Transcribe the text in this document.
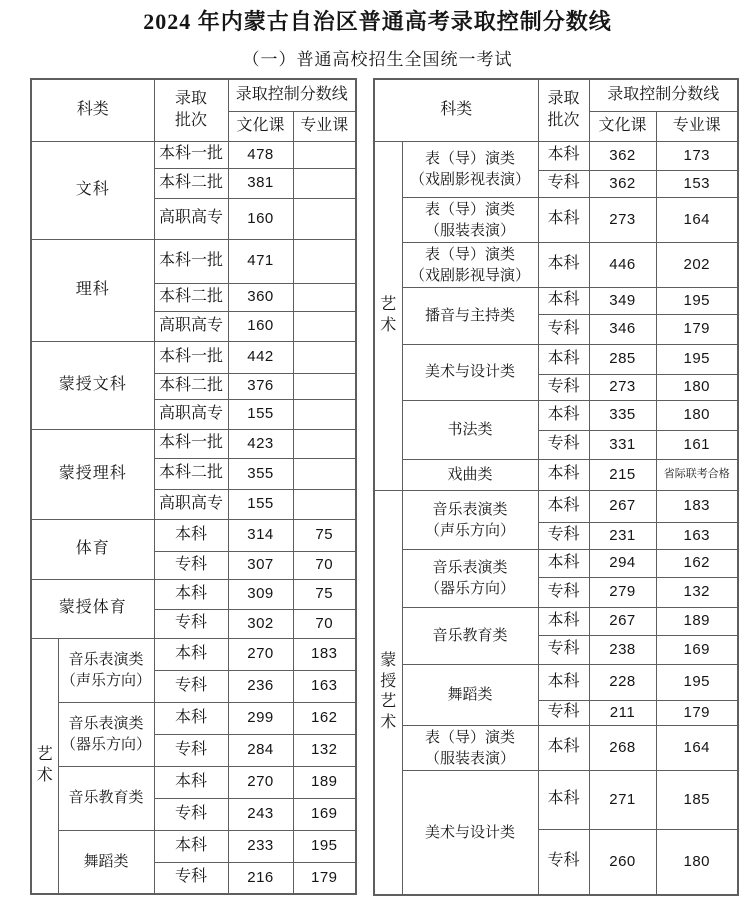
2024 年内蒙古自治区普通高考录取控制分数线
（一）普通高校招生全国统一考试
科类		录取
批次	录取控制分数线	
			文化课	专业课
文科		本科一批	478	
		本科二批	381	
		高职高专	160	
理科		本科一批	471	
		本科二批	360	
		高职高专	160	
蒙授文科		本科一批	442	
		本科二批	376	
		高职高专	155	
蒙授理科		本科一批	423	
		本科二批	355	
		高职高专	155	
体育		本科	314	75
		专科	307	70
蒙授体育		本科	309	75
		专科	302	70
艺术	音乐表演类
（声乐方向）	本科	270	183
		专科	236	163

	音乐表演类
（器乐方向）	本科	299	162
		专科	284	132
	音乐教育类	本科	270	189
		专科	243	169
	舞蹈类	本科	233	195
		专科	216	179
科类		录取
批次	录取控制分数线	
			文化课	专业课
艺术	表（导）演类
（戏剧影视表演）	本科	362	173
		专科	362	153

	表（导）演类
（服装表演）	本科	273	164

	表（导）演类
（戏剧影视导演）	本科	446	202
	播音与主持类	本科	349	195
		专科	346	179
	美术与设计类	本科	285	195
		专科	273	180
	书法类	本科	335	180
		专科	331	161
	戏曲类	本科	215	省际联考合格
蒙授艺术	音乐表演类
（声乐方向）	本科	267	183
		专科	231	163

	音乐表演类
（器乐方向）	本科	294	162
		专科	279	132
	音乐教育类	本科	267	189
		专科	238	169
	舞蹈类	本科	228	195
		专科	211	179

	表（导）演类
（服装表演）	本科	268	164
	美术与设计类	本科	271	185
		专科	260	180
